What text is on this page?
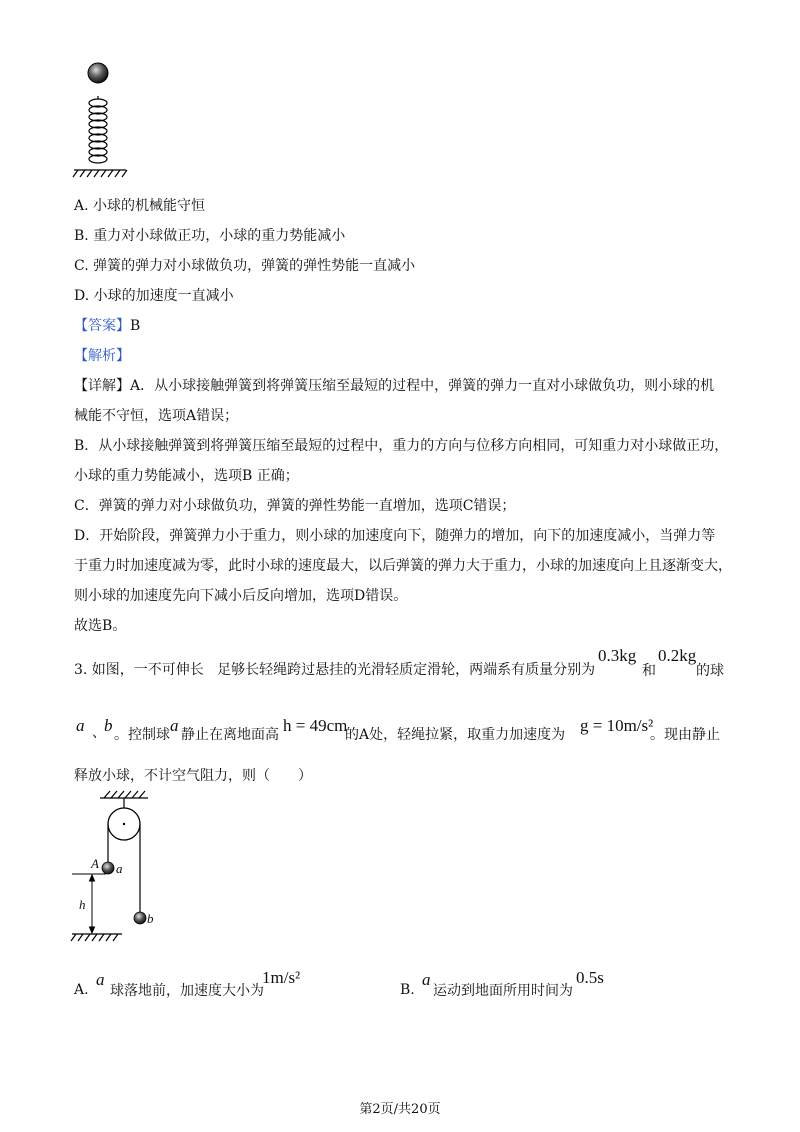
A. 小球的机械能守恒
B. 重力对小球做正功，小球的重力势能减小
C. 弹簧的弹力对小球做负功，弹簧的弹性势能一直减小
D. 小球的加速度一直减小
【答案】B
【解析】
【详解】A．从小球接触弹簧到将弹簧压缩至最短的过程中，弹簧的弹力一直对小球做负功，则小球的机
械能不守恒，选项A错误；
B．从小球接触弹簧到将弹簧压缩至最短的过程中，重力的方向与位移方向相同，可知重力对小球做正功，
小球的重力势能减小，选项B 正确；
C．弹簧的弹力对小球做负功，弹簧的弹性势能一直增加，选项C错误；
D．开始阶段，弹簧弹力小于重力，则小球的加速度向下，随弹力的增加，向下的加速度减小，当弹力等
于重力时加速度减为零，此时小球的速度最大，以后弹簧的弹力大于重力，小球的加速度向上且逐渐变大，
则小球的加速度先向下减小后反向增加，选项D错误。
故选B。
3. 如图，一不可伸长 足够长轻绳跨过悬挂的光滑轻质定滑轮，两端系有质量分别为
0.3kg
和
0.2kg
的球
a 、
b 。控制球 a 静止在离地面高 h = 49cm
的A处，轻绳拉紧，取重力加速度为 g = 10m/s²
。现由静止
释放小球，不计空气阻力，则（　　）
A a
h
b
A.
a
球落地前，加速度大小为
1m/s²
B.
a
运动到地面所用时间为
0.5s
第2页/共20页
